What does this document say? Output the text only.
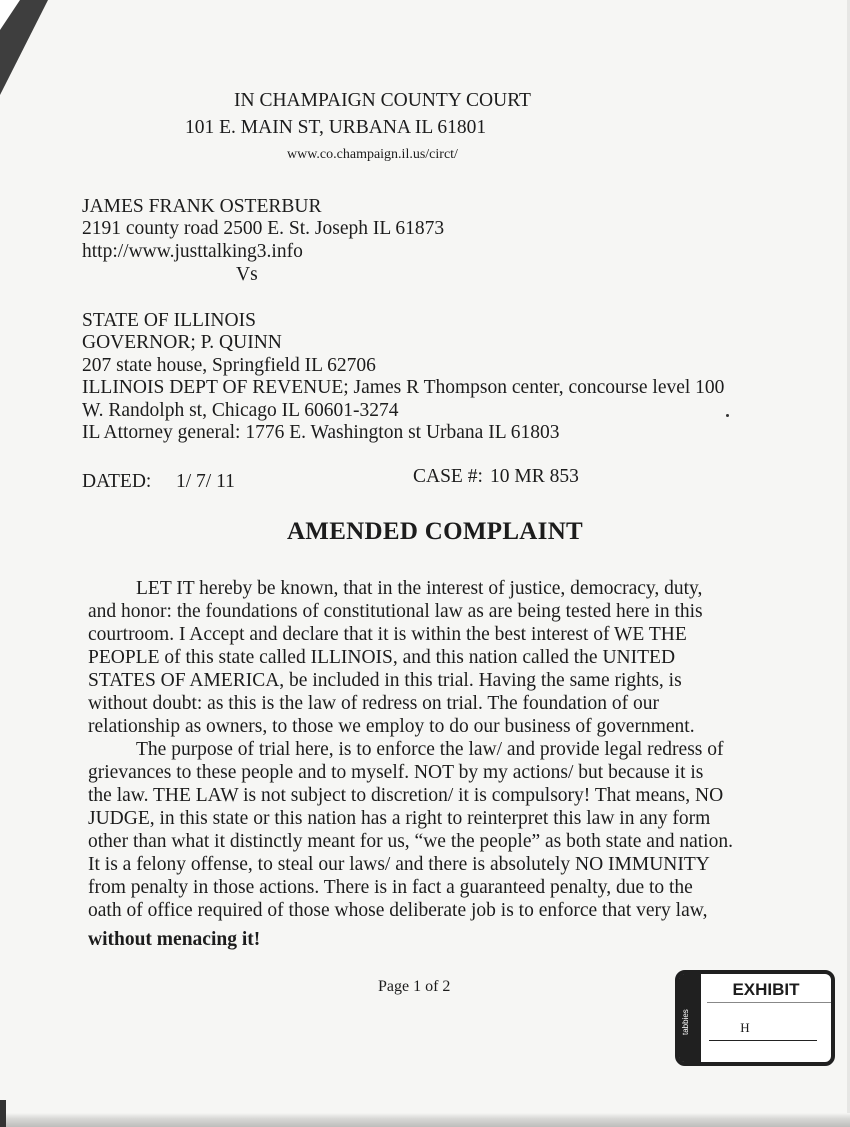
IN CHAMPAIGN COUNTY COURT
101 E. MAIN ST, URBANA IL 61801
www.co.champaign.il.us/circt/
JAMES FRANK OSTERBUR
2191 county road 2500 E. St. Joseph IL 61873
http://www.justtalking3.info
Vs
STATE OF ILLINOIS
GOVERNOR; P. QUINN
207 state house, Springfield IL 62706
ILLINOIS DEPT OF REVENUE; James R Thompson center, concourse level 100
W. Randolph st, Chicago IL 60601-3274
IL Attorney general: 1776 E. Washington st Urbana IL 61803
DATED: 1/ 7/ 11	CASE #: 10 MR 853
AMENDED COMPLAINT
LET IT hereby be known, that in the interest of justice, democracy, duty,
and honor: the foundations of constitutional law as are being tested here in this
courtroom. I Accept and declare that it is within the best interest of WE THE
PEOPLE of this state called ILLINOIS, and this nation called the UNITED
STATES OF AMERICA, be included in this trial. Having the same rights, is
without doubt: as this is the law of redress on trial. The foundation of our
relationship as owners, to those we employ to do our business of government.
The purpose of trial here, is to enforce the law/ and provide legal redress of
grievances to these people and to myself. NOT by my actions/ but because it is
the law. THE LAW is not subject to discretion/ it is compulsory! That means, NO
JUDGE, in this state or this nation has a right to reinterpret this law in any form
other than what it distinctly meant for us, “we the people” as both state and nation.
It is a felony offense, to steal our laws/ and there is absolutely NO IMMUNITY
from penalty in those actions. There is in fact a guaranteed penalty, due to the
oath of office required of those whose deliberate job is to enforce that very law,
without menacing it!
Page 1 of 2
tabbies
EXHIBIT
H
